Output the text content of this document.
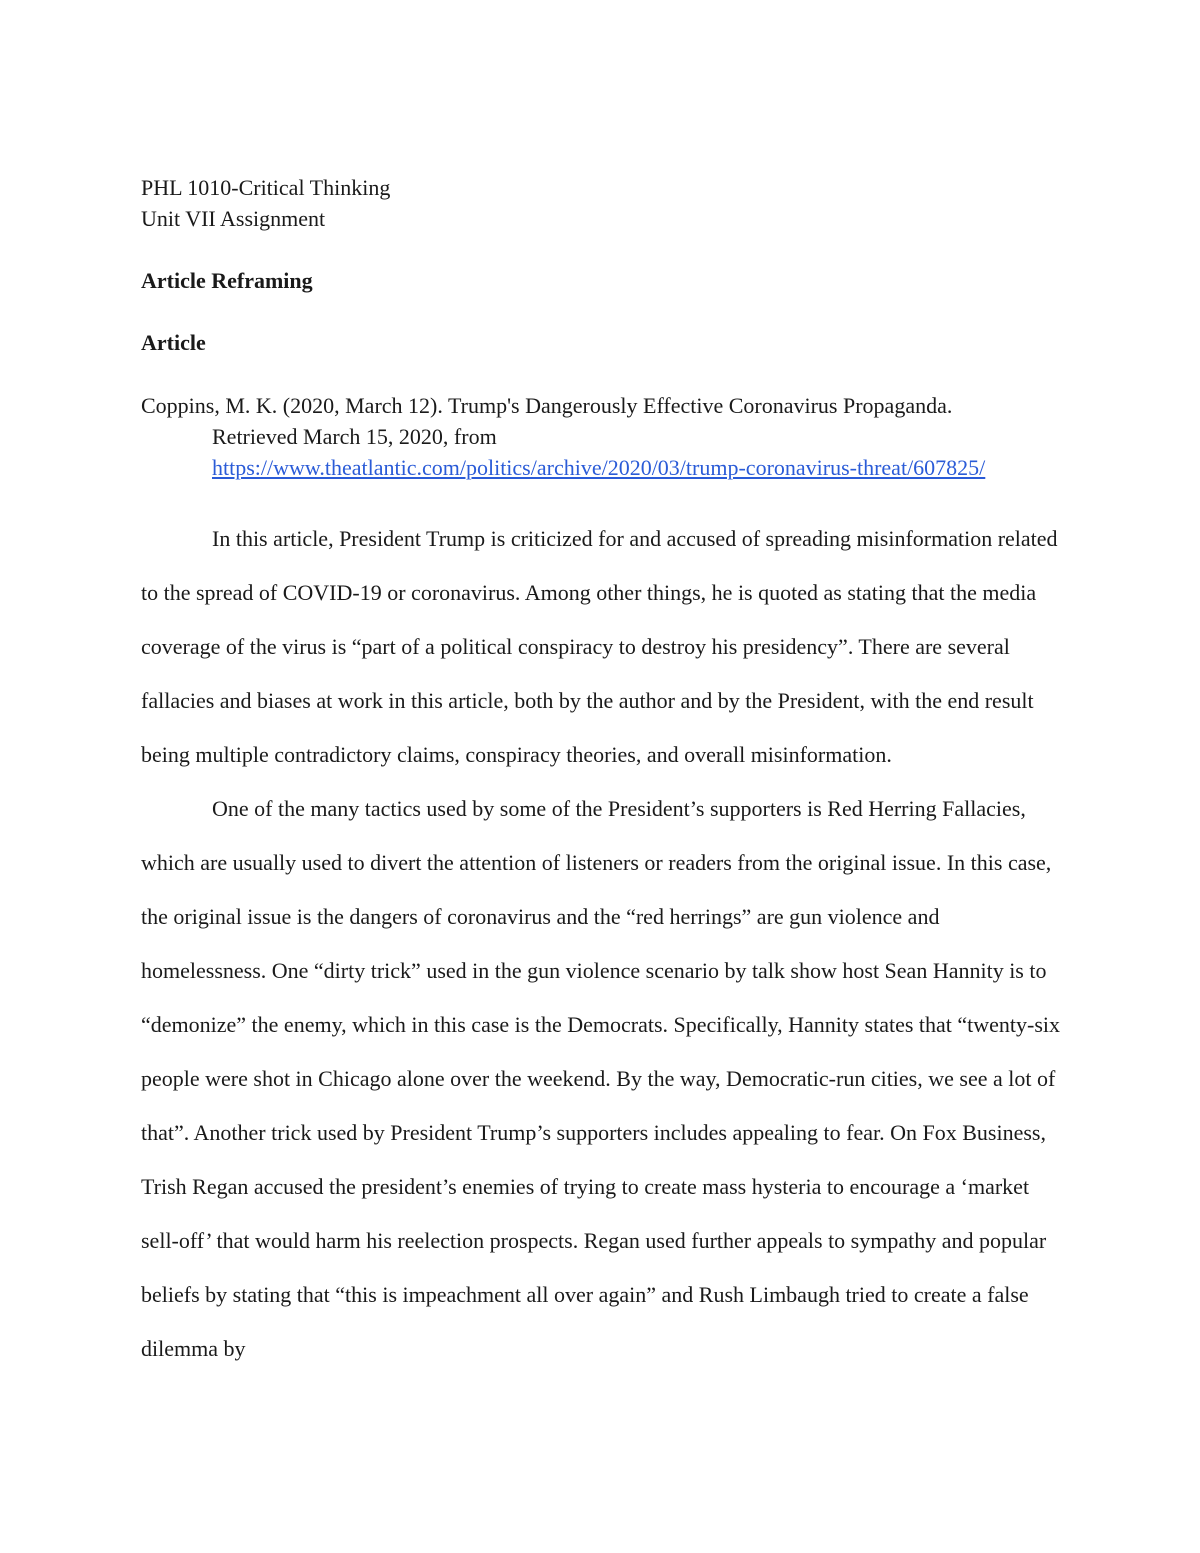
PHL 1010-Critical Thinking
Unit VII Assignment
Article Reframing
Article
Coppins, M. K. (2020, March 12). Trump's Dangerously Effective Coronavirus Propaganda.
Retrieved March 15, 2020, from
https://www.theatlantic.com/politics/archive/2020/03/trump-coronavirus-threat/607825/

In this article, President Trump is criticized for and accused of spreading misinformation related to the spread of COVID-19 or coronavirus. Among other things, he is quoted as stating that the media coverage of the virus is “part of a political conspiracy to destroy his presidency”. There are several fallacies and biases at work in this article, both by the author and by the President, with the end result being multiple contradictory claims, conspiracy theories, and overall misinformation.

One of the many tactics used by some of the President’s supporters is Red Herring Fallacies, which are usually used to divert the attention of listeners or readers from the original issue. In this case, the original issue is the dangers of coronavirus and the “red herrings” are gun violence and homelessness. One “dirty trick” used in the gun violence scenario by talk show host Sean Hannity is to “demonize” the enemy, which in this case is the Democrats. Specifically, Hannity states that “twenty-six people were shot in Chicago alone over the weekend. By the way, Democratic-run cities, we see a lot of that”. Another trick used by President Trump’s supporters includes appealing to fear. On Fox Business, Trish Regan accused the president’s enemies of trying to create mass hysteria to encourage a ‘market sell-off’ that would harm his reelection prospects. Regan used further appeals to sympathy and popular beliefs by stating that “this is impeachment all over again” and Rush Limbaugh tried to create a false dilemma by
